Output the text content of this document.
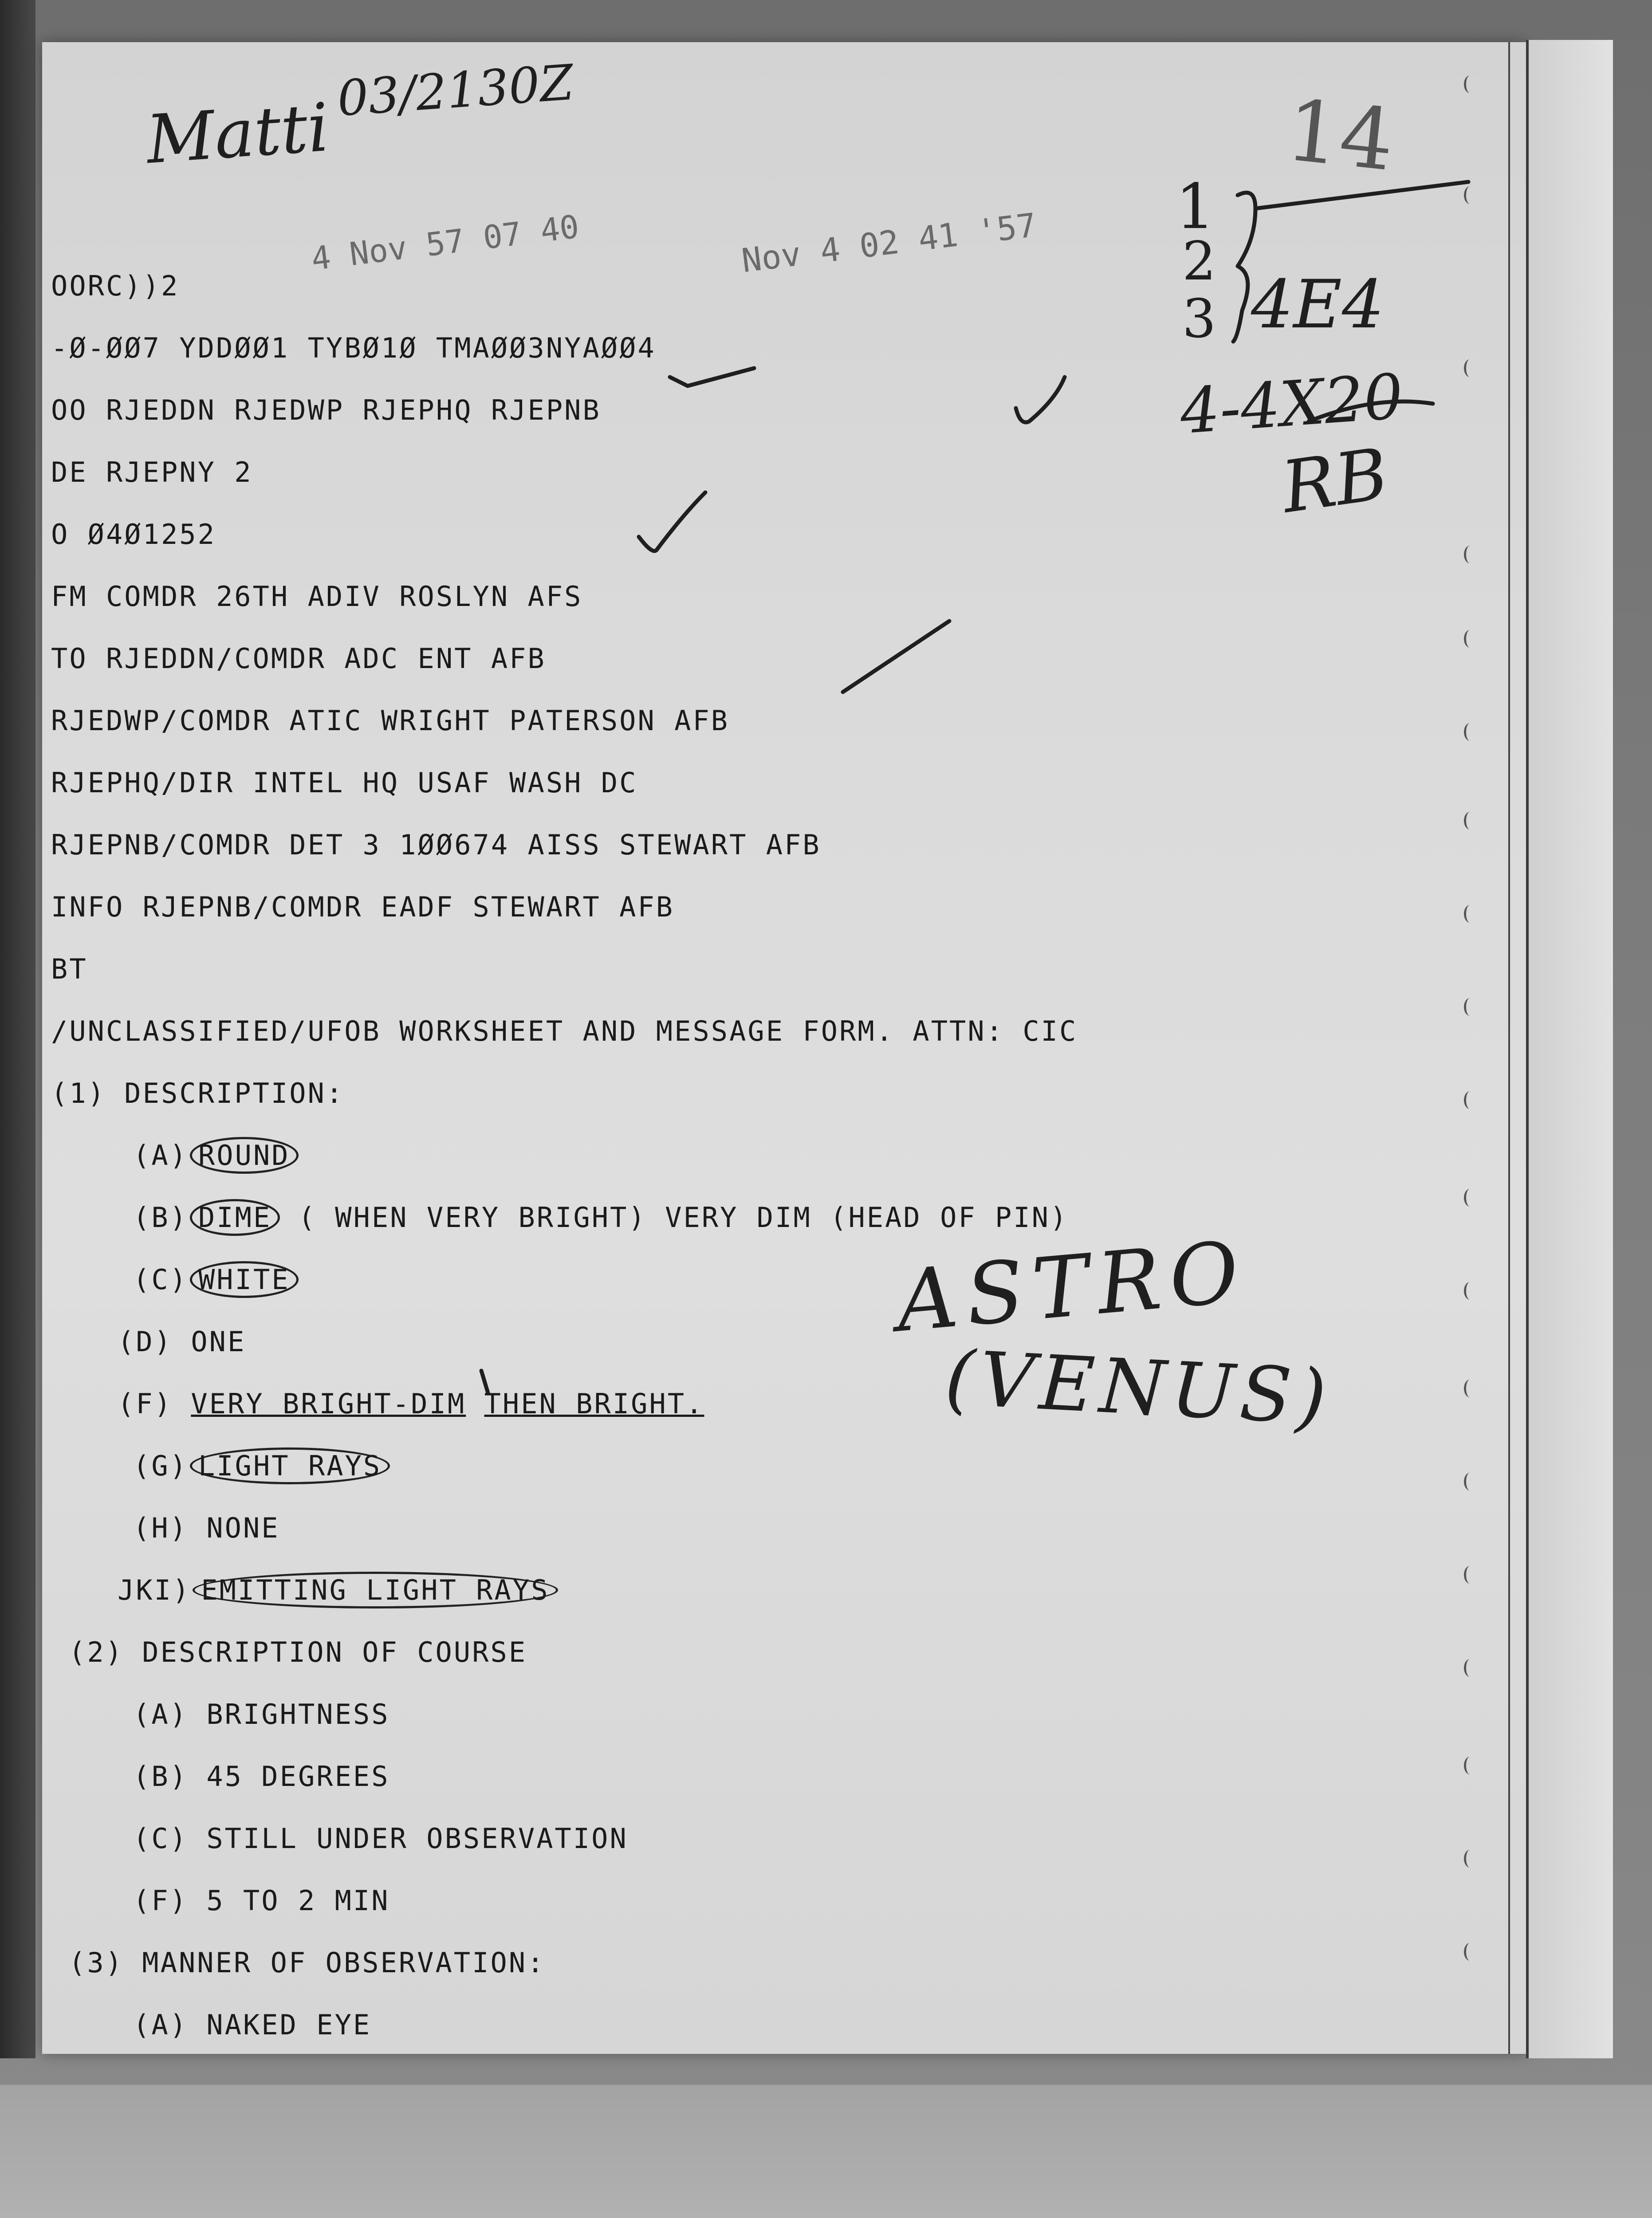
Matti 03/2130Z	14
1
2
3 4E4
4-4X20
RB
ASTRO
(VENUS)
4 Nov 57 07 40	Nov 4 02 41 '57
OORC))2
-Ø-ØØ7 YDDØØ1 TYBØ1Ø TMAØØ3NYAØØ4
OO RJEDDN RJEDWP RJEPHQ RJEPNB
DE RJEPNY 2
O Ø4Ø1252
FM COMDR 26TH ADIV ROSLYN AFS
TO RJEDDN/COMDR ADC ENT AFB
RJEDWP/COMDR ATIC WRIGHT PATERSON AFB
RJEPHQ/DIR INTEL HQ USAF WASH DC
RJEPNB/COMDR DET 3 1ØØ674 AISS STEWART AFB
INFO RJEPNB/COMDR EADF STEWART AFB
BT
/UNCLASSIFIED/UFOB WORKSHEET AND MESSAGE FORM. ATTN: CIC
(1) DESCRIPTION:
(A) ROUND
(B) DIME ( WHEN VERY BRIGHT) VERY DIM (HEAD OF PIN)
(C) WHITE
(D) ONE
(F) VERY BRIGHT-DIM THEN BRIGHT.
(G) LIGHT RAYS
(H) NONE
JKI) EMITTING LIGHT RAYS
(2) DESCRIPTION OF COURSE
(A) BRIGHTNESS
(B) 45 DEGREES
(C) STILL UNDER OBSERVATION
(F) 5 TO 2 MIN
(3) MANNER OF OBSERVATION:
(A) NAKED EYE
